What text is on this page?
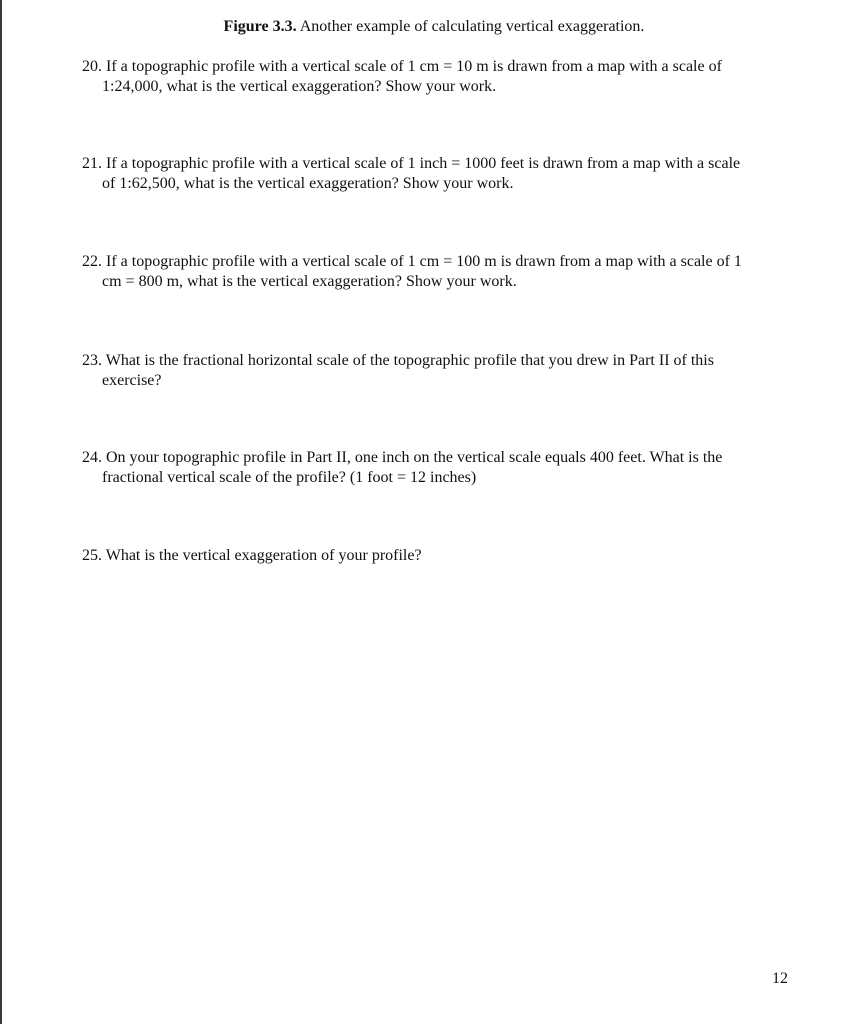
Figure 3.3. Another example of calculating vertical exaggeration.
20. If a topographic profile with a vertical scale of 1 cm = 10 m is drawn from a map with a scale of
1:24,000, what is the vertical exaggeration? Show your work.
21. If a topographic profile with a vertical scale of 1 inch = 1000 feet is drawn from a map with a scale
of 1:62,500, what is the vertical exaggeration? Show your work.
22. If a topographic profile with a vertical scale of 1 cm = 100 m is drawn from a map with a scale of 1
cm = 800 m, what is the vertical exaggeration? Show your work.
23. What is the fractional horizontal scale of the topographic profile that you drew in Part II of this
exercise?
24. On your topographic profile in Part II, one inch on the vertical scale equals 400 feet. What is the
fractional vertical scale of the profile? (1 foot = 12 inches)
25. What is the vertical exaggeration of your profile?
12
